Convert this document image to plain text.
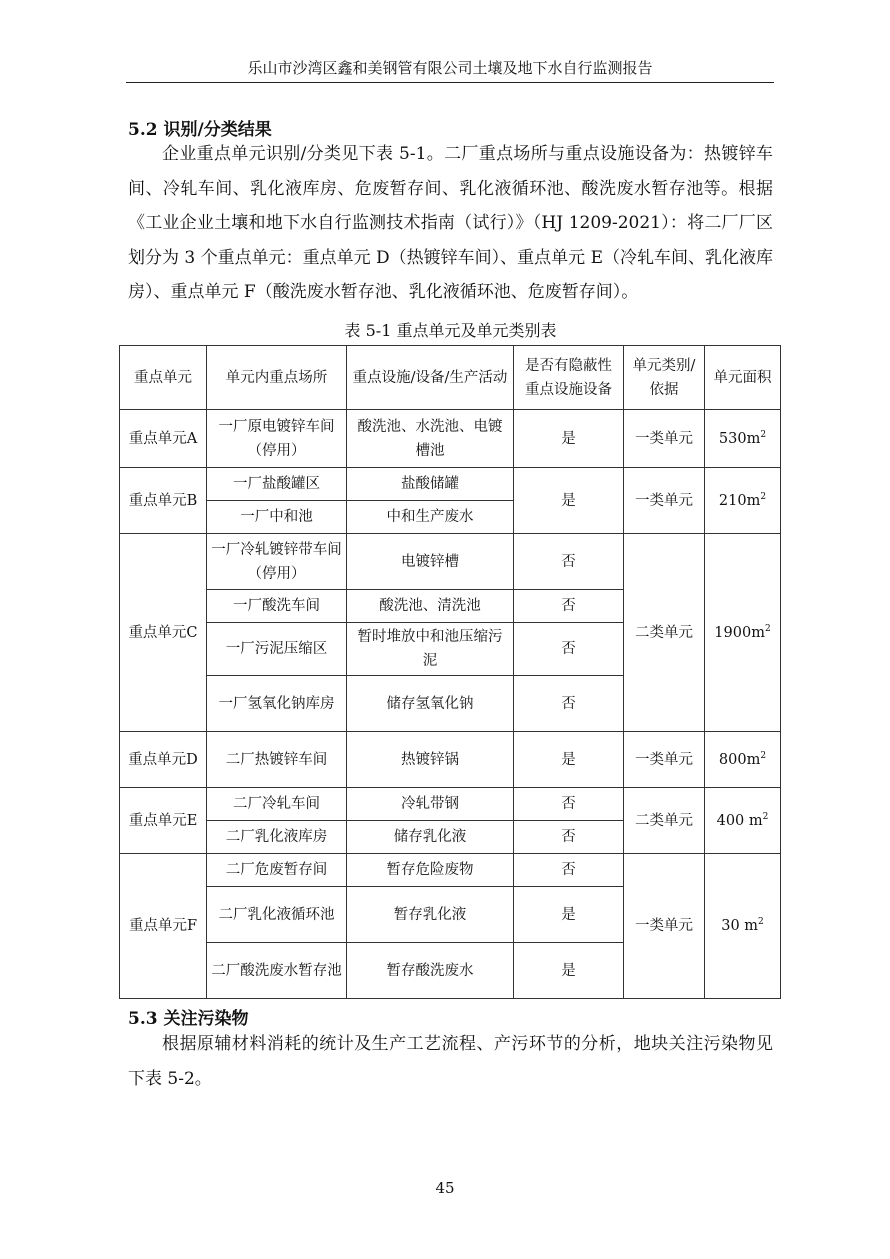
乐山市沙湾区鑫和美钢管有限公司土壤及地下水自行监测报告
5.2 识别/分类结果

企业重点单元识别/分类见下表 5-1。二厂重点场所与重点设施设备为：热镀锌车间、冷轧车间、乳化液库房、危废暂存间、乳化液循环池、酸洗废水暂存池等。根据《工业企业土壤和地下水自行监测技术指南（试行）》（HJ 1209-2021）：将二厂厂区划分为 3 个重点单元：重点单元 D（热镀锌车间）、重点单元 E（冷轧车间、乳化液库房）、重点单元 F（酸洗废水暂存池、乳化液循环池、危废暂存间）。

表 5-1 重点单元及单元类别表
重点单元	单元内重点场所	重点设施/设备/生产活动	是否有隐蔽性重点设施设备	单元类别/依据	单元面积
重点单元A	一厂原电镀锌车间（停用）	酸洗池、水洗池、电镀槽池	是	一类单元	$530m^2$
重点单元B	一厂盐酸罐区	盐酸储罐	是	一类单元	$210m^2$
	一厂中和池	中和生产废水			
重点单元C	一厂冷轧镀锌带车间（停用）	电镀锌槽	否	二类单元	$1900m^2$
	一厂酸洗车间	酸洗池、清洗池	否		
	一厂污泥压缩区	暂时堆放中和池压缩污泥	否		
	一厂氢氧化钠库房	储存氢氧化钠	否		
重点单元D	二厂热镀锌车间	热镀锌锅	是	一类单元	$800m^2$
重点单元E	二厂冷轧车间	冷轧带钢	否	二类单元	400 $m^2$
	二厂乳化液库房	储存乳化液	否		
重点单元F	二厂危废暂存间	暂存危险废物	否	一类单元	30 $m^2$
	二厂乳化液循环池	暂存乳化液	是		
	二厂酸洗废水暂存池	暂存酸洗废水	是		
5.3 关注污染物

根据原辅材料消耗的统计及生产工艺流程、产污环节的分析，地块关注污染物见下表 5-2。

45
